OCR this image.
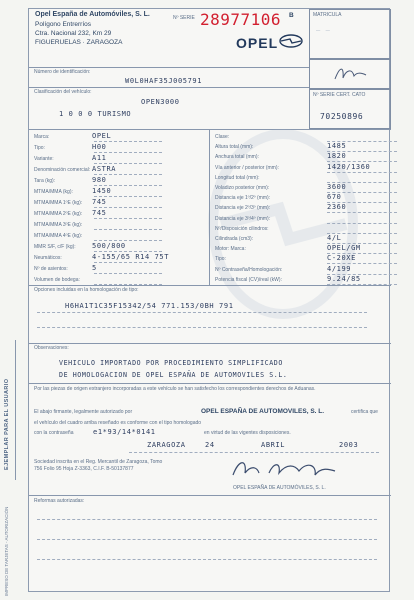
Opel España de Automóviles, S. L.
Polígono Entrerríos
Ctra. Nacional 232, Km 29
FIGUERUELAS · ZARAGOZA
Nº SERIE 28977106 B
OPEL
MATRICULA
— —
Nº SERIE CERT. CATO
70250896
Número de identificación:
W0L0HAF35J005791
Clasificación del vehículo:
OPEN3000
1 0 0 0 TURISMO
Marca:	OPEL
Tipo:	H00
Variante:	A11
Denominación comercial: ASTRA
Tara (kg):	980
MTMA/MMA (kg):	1450
MTMA/MMA 1ºE (kg): 745
MTMA/MMA 2ºE (kg): 745
MTMA/MMA 3ºE (kg):
MTMA/MMA 4ºE (kg):
MMR S/F, c/F (kg): 500/800
Neumáticos:	4-155/65 R14 75T
Nº de asientos:	5
Volumen de bodega:
Clase:
Altura total (mm):	1485
Anchura total (mm):	1820
Vía anterior / posterior (mm):	1420/1360
Longitud total (mm):
Voladizo posterior (mm):	3600
Distancia eje 1º/2º (mm):	670
Distancia eje 2º/3º (mm):	2360
Distancia eje 3º/4º (mm):
Nº/Disposición cilindros:
Cilindrada (cm3):	4/L
Motor: Marca:	OPEL/GM
Tipo:	C-20XE
Nº Contraseña/Homologación:	4/199
Potencia fiscal (CV)/real (kW):	9.24/85
Opciones incluidas en la homologación de tipo:
H6HA1T1C35F15342/54 771.153/0BH 791
Observaciones:
VEHICULO IMPORTADO POR PROCEDIMIENTO SIMPLIFICADO
DE HOMOLOGACION DE OPEL ESPAÑA DE AUTOMOVILES S.L.
Por las piezas de origen extranjero incorporadas a este vehículo se han satisfecho los correspondientes derechos de Aduanas.
El abajo firmante, legalmente autorizado por	OPEL ESPAÑA DE AUTOMOVILES, S. L.	certifica que
el vehículo del cuadro arriba reseñado es conforme con el tipo homologado
con la contraseña	e1*93/14*0141	en virtud de las vigentes disposiciones.
ZARAGOZA	24	ABRIL	2003
Sociedad inscrita en el Reg. Mercantil de Zaragoza, Tomo 756 Folio 95 Hoja Z-3363, C.I.F. B-50137877
OPEL ESPAÑA DE AUTOMÓVILES, S. L.
Reformas autorizadas:
EJEMPLAR PARA EL USUARIO
IMPRESO DE TARJETAS - AUTORIZACIÓN
